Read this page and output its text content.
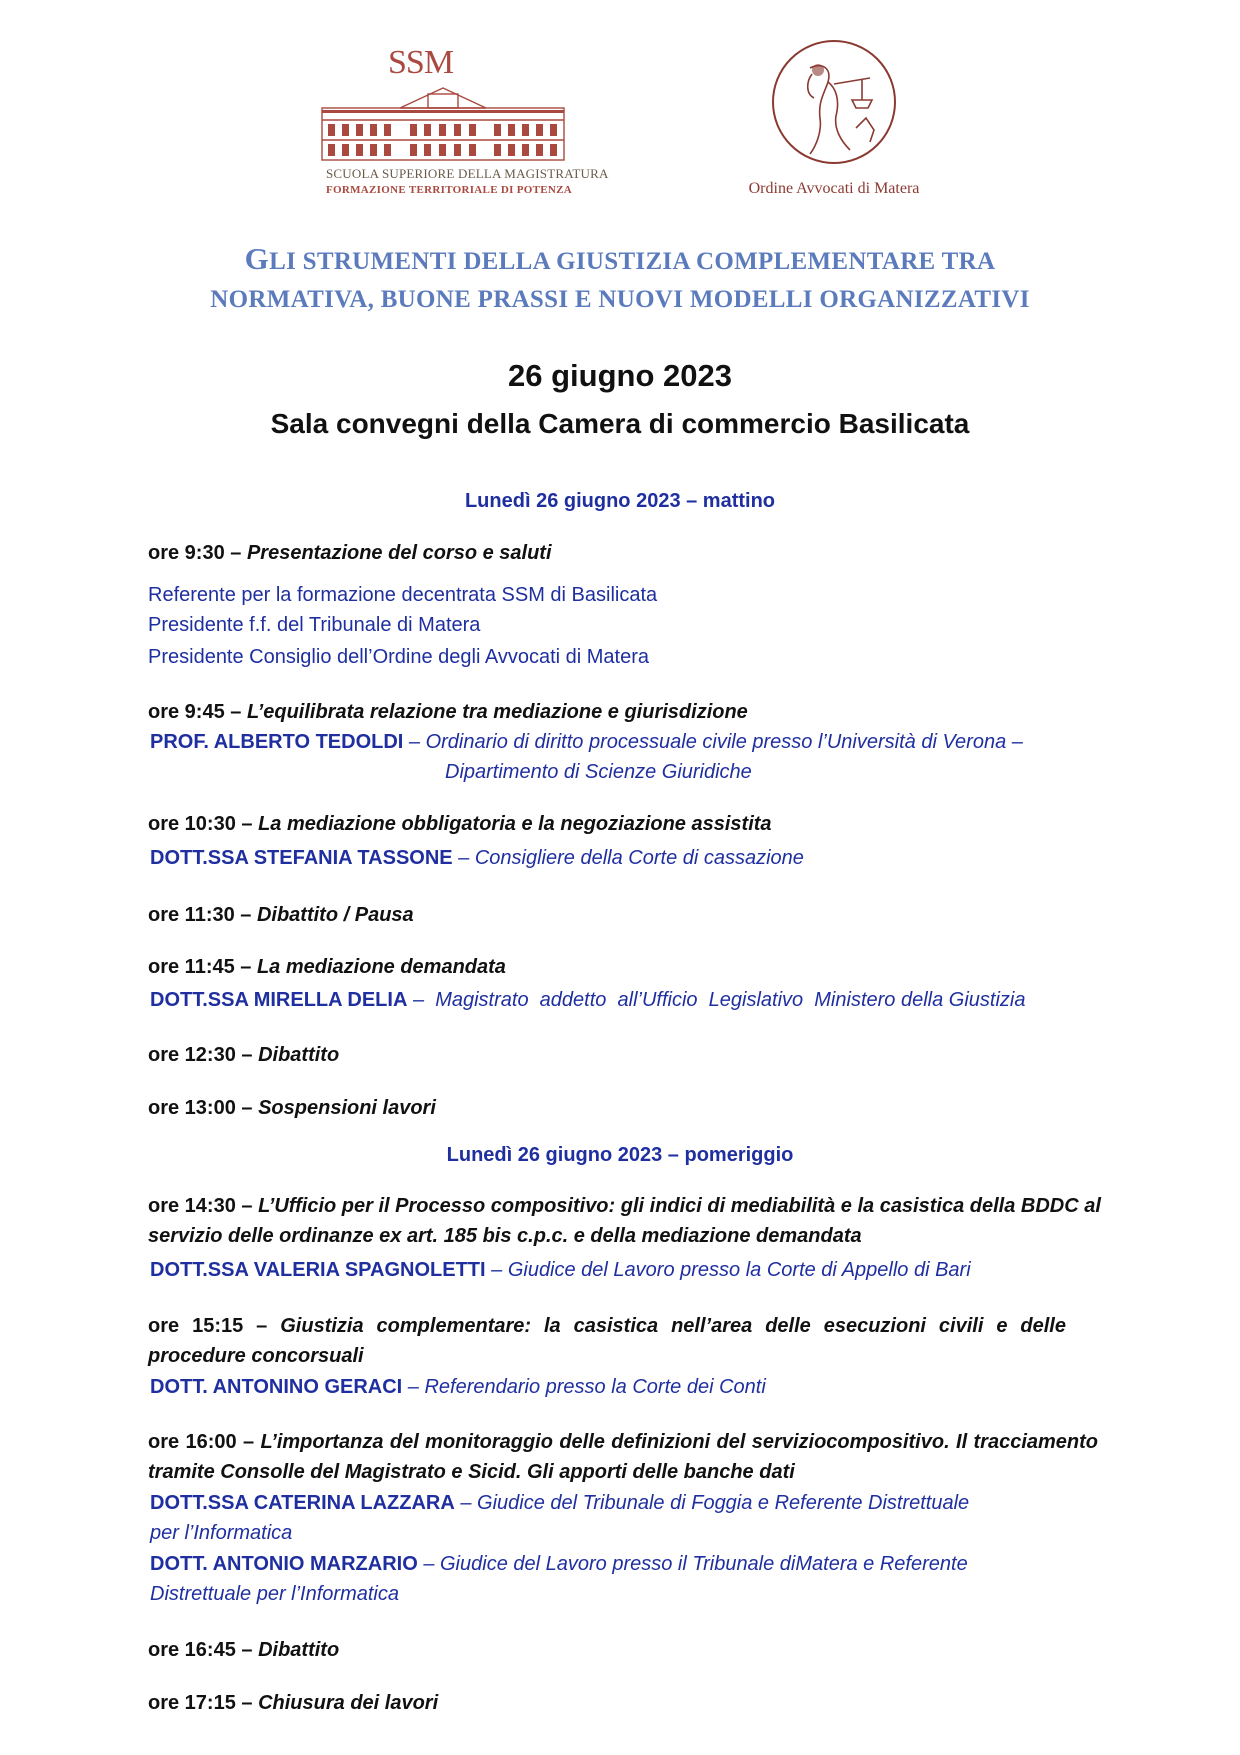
SSM
SCUOLA SUPERIORE DELLA MAGISTRATURA
FORMAZIONE TERRITORIALE DI POTENZA	Ordine Avvocati di Matera
GLI STRUMENTI DELLA GIUSTIZIA COMPLEMENTARE TRA
NORMATIVA, BUONE PRASSI E NUOVI MODELLI ORGANIZZATIVI
26 giugno 2023
Sala convegni della Camera di commercio Basilicata
Lunedì 26 giugno 2023 – mattino
ore 9:30 – Presentazione del corso e saluti
Referente per la formazione decentrata SSM di Basilicata
Presidente f.f. del Tribunale di Matera
Presidente Consiglio dell’Ordine degli Avvocati di Matera
ore 9:45 – L’equilibrata relazione tra mediazione e giurisdizione
PROF. ALBERTO TEDOLDI – Ordinario di diritto processuale civile presso l’Università di Verona –
Dipartimento di Scienze Giuridiche
ore 10:30 – La mediazione obbligatoria e la negoziazione assistita
DOTT.SSA STEFANIA TASSONE – Consigliere della Corte di cassazione
ore 11:30 – Dibattito / Pausa
ore 11:45 – La mediazione demandata
DOTT.SSA MIRELLA DELIA –  Magistrato  addetto  all’Ufficio  Legislativo  Ministero della Giustizia
ore 12:30 – Dibattito
ore 13:00 – Sospensioni lavori
Lunedì 26 giugno 2023 – pomeriggio
ore 14:30 – L’Ufficio per il Processo compositivo: gli indici di mediabilità e la casistica della BDDC al servizio delle ordinanze ex art. 185 bis c.p.c. e della mediazione demandata
DOTT.SSA VALERIA SPAGNOLETTI – Giudice del Lavoro presso la Corte di Appello di Bari
ore 15:15 – Giustizia complementare: la casistica nell’area delle esecuzioni civili e delle procedure concorsuali
DOTT. ANTONINO GERACI – Referendario presso la Corte dei Conti
ore 16:00 – L’importanza del monitoraggio delle definizioni del serviziocompositivo. Il tracciamento tramite Consolle del Magistrato e Sicid. Gli apporti delle banche dati
DOTT.SSA CATERINA LAZZARA – Giudice del Tribunale di Foggia e Referente Distrettuale
per l’Informatica
DOTT. ANTONIO MARZARIO – Giudice del Lavoro presso il Tribunale diMatera e Referente
Distrettuale per l’Informatica
ore 16:45 – Dibattito
ore 17:15 – Chiusura dei lavori
